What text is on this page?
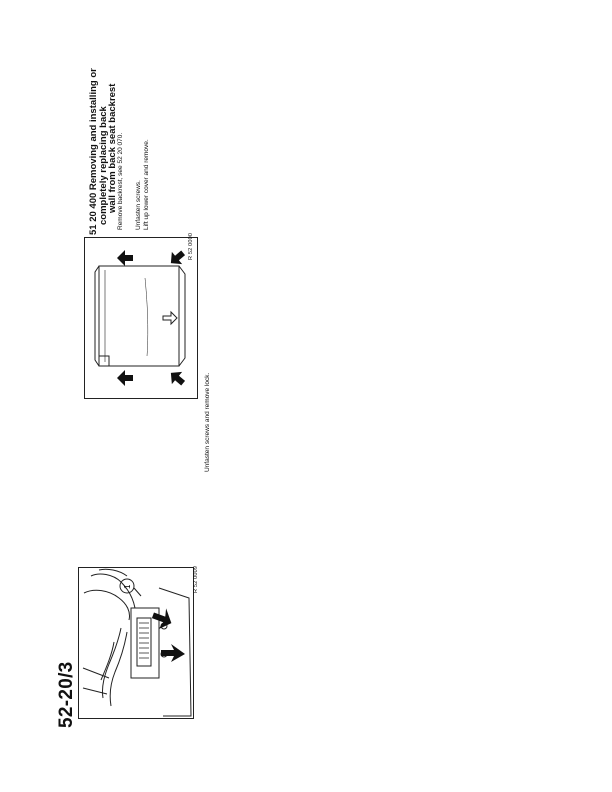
52-20/3
1	R 52 0009
Unfasten screws and remove lock.
R 52 0000
51 20 400 Removing and installing or
completely replacing back
wall from back seat backrest Remove backrest, see 52 20 070. Unfasten screws. Lift up lower cover and remove.
